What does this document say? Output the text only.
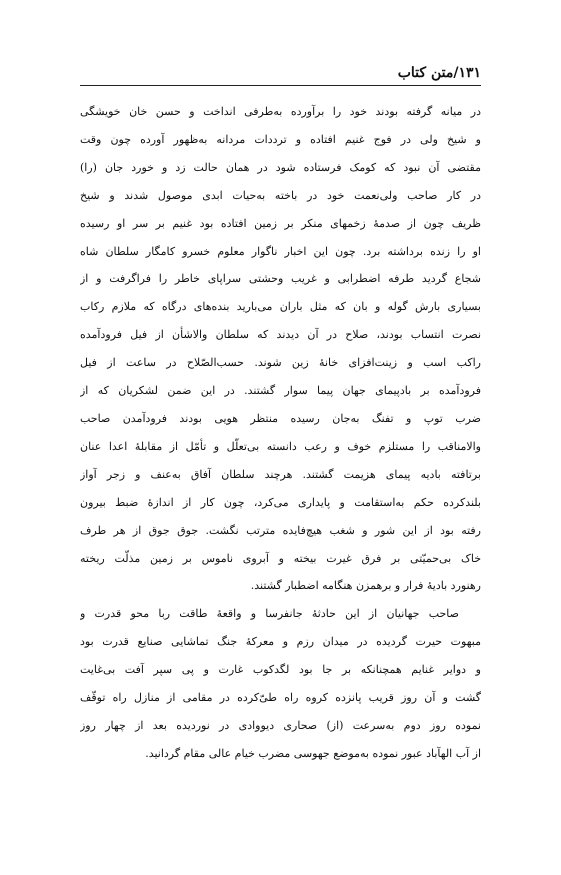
۱۳۱/متن کتاب
در میانه گرفته بودند خود را برآورده به‌طرفی انداخت و حسن خان خویشگی
و شیخ ولی در فوج غنیم افتاده و ترددات مردانه به‌ظهور آورده چون وقت
مقتضی آن نبود که کومک فرستاده شود در همان حالت زد و خورد جان (را)
در کار صاحب ولی‌نعمت خود در باخته به‌حیات ابدی موصول شدند و شیخ
ظریف چون از صدمهٔ زخمهای منکر بر زمین افتاده بود غنیم بر سر او رسیده
او را زنده برداشته برد. چون این اخبار ناگوار معلوم خسرو کامگار سلطان شاه
شجاع گردید طرفه اضطرابی و غریب وحشتی سراپای خاطر را فراگرفت و از
بسیاری بارش گوله و بان که مثل باران می‌بارید بنده‌های درگاه که ملازم رکاب
نصرت انتساب بودند، صلاح در آن دیدند که سلطان والاشأن از فیل فرودآمده
راکب اسب و زینت‌افزای خانهٔ زین شوند. حسب‌الصّلاح در ساعت از فیل
فرودآمده بر بادپیمای جهان پیما سوار گشتند. در این ضمن لشکریان که از
ضرب توپ و تفنگ به‌جان رسیده منتظر هویی بودند فرودآمدن صاحب
والامناقب را مستلزم خوف و رعب دانسته بی‌تعلّل و تأمّل از مقابلهٔ اعدا عنان
برتافته بادیه پیمای هزیمت گشتند. هرچند سلطان آفاق به‌عنف و زجر آواز
بلندکرده حکم به‌استقامت و پایداری می‌کرد، چون کار از اندازهٔ ضبط بیرون
رفته بود از این شور و شغب هیچ‌فایده مترتب نگشت. جوق جوق از هر طرف
خاک بی‌حمیّتی بر فرق غیرت بیخته و آبروی ناموس بر زمین مذلّت ریخته
رهنورد بادیهٔ فرار و برهمزن هنگامه اضطبار گشتند.
صاحب جهانیان از این حادثهٔ جانفرسا و واقعهٔ طاقت ربا محو قدرت و
مبهوت حیرت گردیده در میدان رزم و معرکهٔ جنگ تماشایی صنایع قدرت بود
و دوایر غنایم همچنانکه بر جا بود لگدکوب غارت و پی سپر آفت بی‌غایت
گشت و آن روز قریب پانزده کروه راه طیّ‌کرده در مقامی از منازل راه توقّف
نموده روز دوم به‌سرعت (از) صحاری دیووادی در نوردیده بعد از چهار روز
از آب الهآباد عبور نموده به‌موضع جهوسی مضرب خیام عالی مقام گردانید.
